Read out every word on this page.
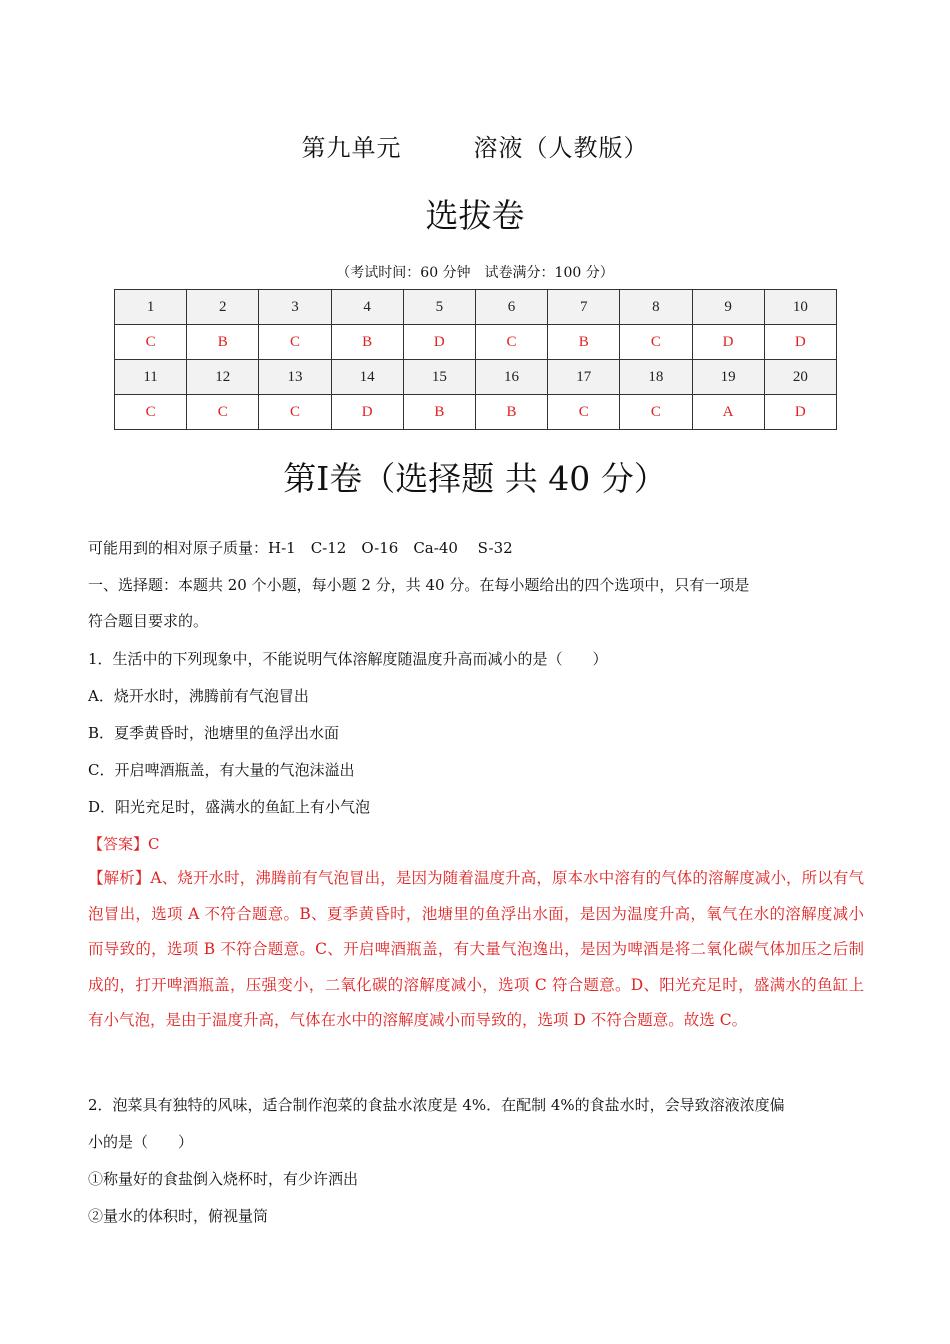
第九单元	溶液（人教版）
选拔卷
（考试时间：60 分钟　试卷满分：100 分）
1	2	3	4	5	6	7	8	9	10
C	B	C	B	D	C	B	C	D	D
11	12	13	14	15	16	17	18	19	20
C	C	C	D	B	B	C	C	A	D
第Ⅰ卷（选择题 共 40 分）
可能用到的相对原子质量：H-1　C-12　O-16　Ca-40　 S-32
一、选择题：本题共 20 个小题，每小题 2 分，共 40 分。在每小题给出的四个选项中，只有一项是
符合题目要求的。
1．生活中的下列现象中，不能说明气体溶解度随温度升高而减小的是（　　）
A．烧开水时，沸腾前有气泡冒出
B．夏季黄昏时，池塘里的鱼浮出水面
C．开启啤酒瓶盖，有大量的气泡沫溢出
D．阳光充足时，盛满水的鱼缸上有小气泡
【答案】C
【解析】A、烧开水时，沸腾前有气泡冒出，是因为随着温度升高，原本水中溶有的气体的溶解度减小，所以有气泡冒出，选项 A 不符合题意。B、夏季黄昏时，池塘里的鱼浮出水面，是因为温度升高，氧气在水的溶解度减小而导致的，选项 B 不符合题意。C、开启啤酒瓶盖，有大量气泡逸出，是因为啤酒是将二氧化碳气体加压之后制成的，打开啤酒瓶盖，压强变小，二氧化碳的溶解度减小，选项 C 符合题意。D、阳光充足时，盛满水的鱼缸上有小气泡，是由于温度升高，气体在水中的溶解度减小而导致的，选项 D 不符合题意。故选 C。
2．泡菜具有独特的风味，适合制作泡菜的食盐水浓度是 4%．在配制 4%的食盐水时，会导致溶液浓度偏
小的是（　　）
①称量好的食盐倒入烧杯时，有少许洒出
②量水的体积时，俯视量筒
